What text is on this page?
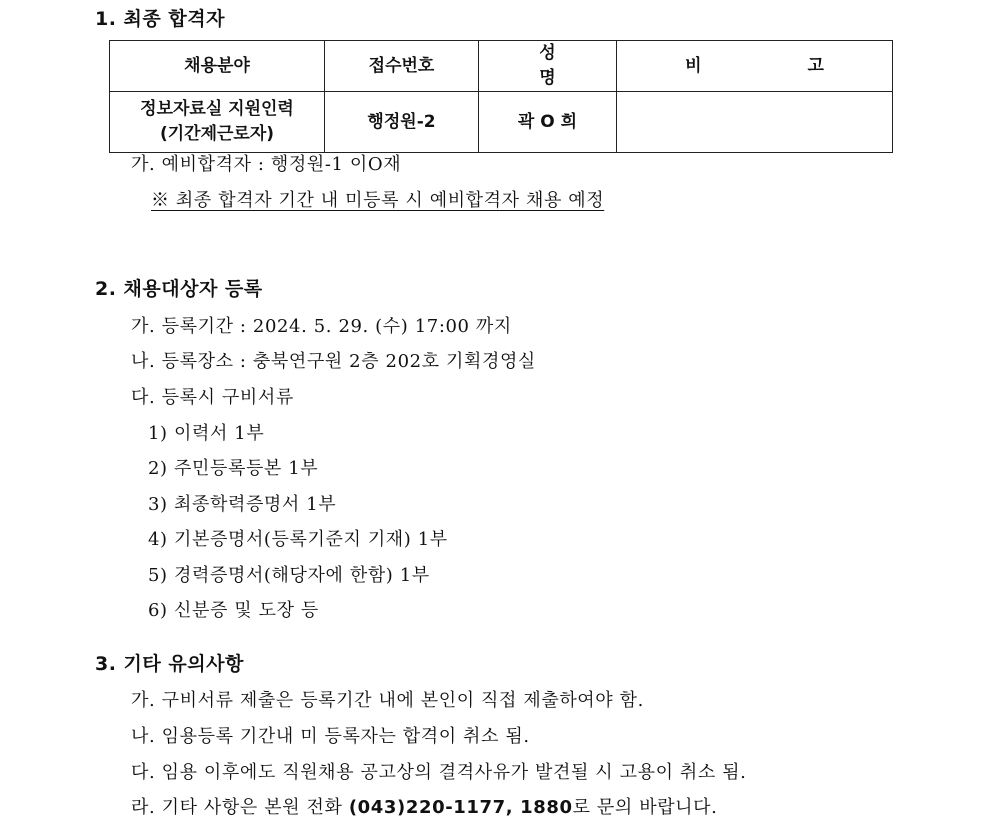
1. 최종 합격자
채용분야	접수번호	성 명	비 고

정보자료실 지원인력
(기간제근로자)	행정원-2	곽 O 희	
가. 예비합격자 : 행정원-1 이O재
※ 최종 합격자 기간 내 미등록 시 예비합격자 채용 예정
2. 채용대상자 등록
가. 등록기간 : 2024. 5. 29. (수) 17:00 까지
나. 등록장소 : 충북연구원 2층 202호 기획경영실
다. 등록시 구비서류
1) 이력서 1부
2) 주민등록등본 1부
3) 최종학력증명서 1부
4) 기본증명서(등록기준지 기재) 1부
5) 경력증명서(해당자에 한함) 1부
6) 신분증 및 도장 등
3. 기타 유의사항
가. 구비서류 제출은 등록기간 내에 본인이 직접 제출하여야 함.
나. 임용등록 기간내 미 등록자는 합격이 취소 됨.
다. 임용 이후에도 직원채용 공고상의 결격사유가 발견될 시 고용이 취소 됨.
라. 기타 사항은 본원 전화 (043)220-1177, 1880로 문의 바랍니다.
